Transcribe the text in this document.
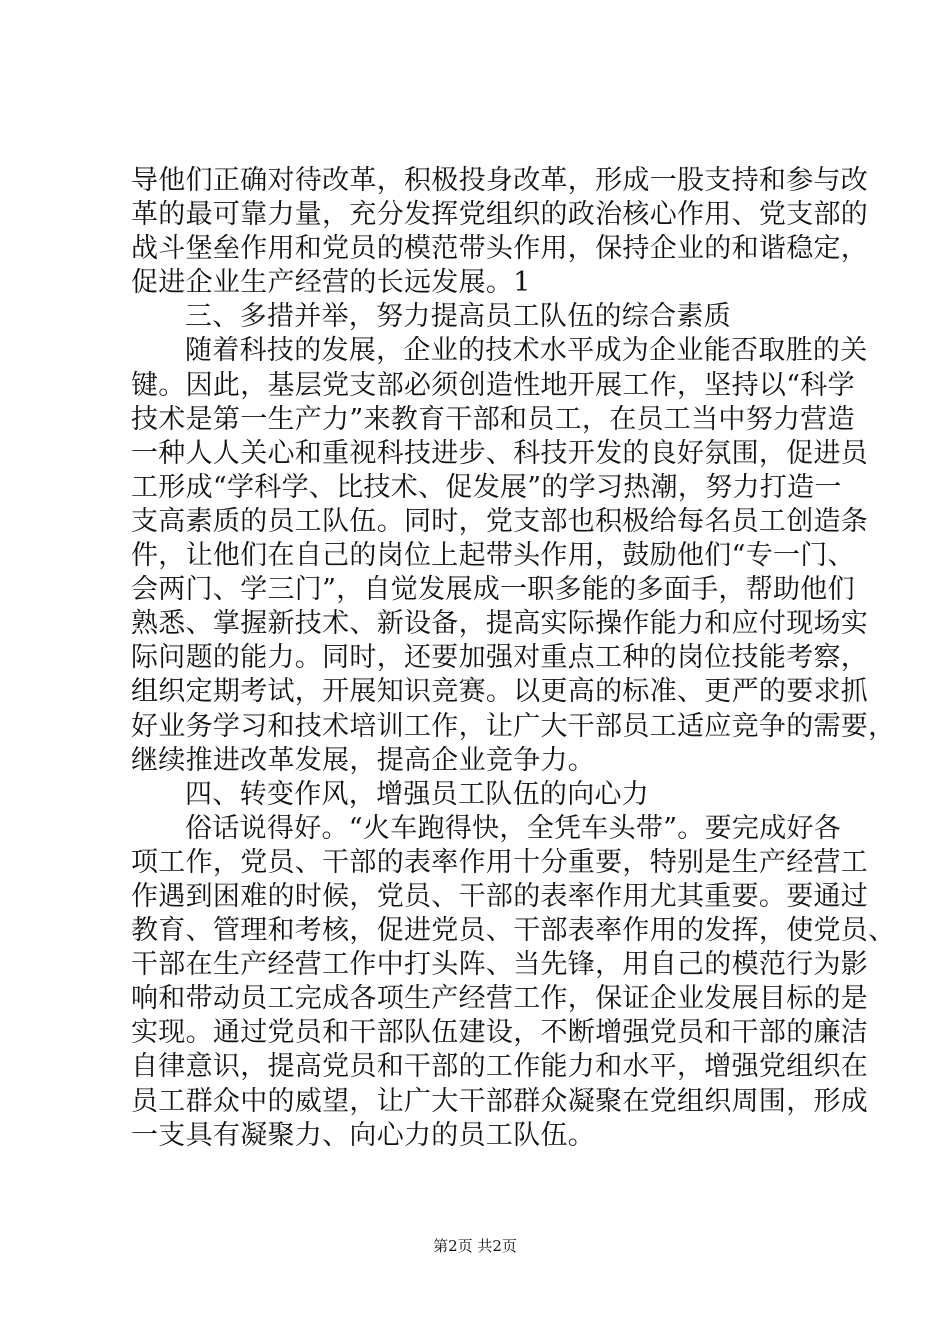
导他们正确对待改革，积极投身改革，形成一股支持和参与改
革的最可靠力量，充分发挥党组织的政治核心作用、党支部的
战斗堡垒作用和党员的模范带头作用，保持企业的和谐稳定，
促进企业生产经营的长远发展。1
三、多措并举，努力提高员工队伍的综合素质
随着科技的发展，企业的技术水平成为企业能否取胜的关
键。因此，基层党支部必须创造性地开展工作，坚持以“科学
技术是第一生产力”来教育干部和员工，在员工当中努力营造
一种人人关心和重视科技进步、科技开发的良好氛围，促进员
工形成“学科学、比技术、促发展”的学习热潮，努力打造一
支高素质的员工队伍。同时，党支部也积极给每名员工创造条
件，让他们在自己的岗位上起带头作用，鼓励他们“专一门、
会两门、学三门”，自觉发展成一职多能的多面手，帮助他们
熟悉、掌握新技术、新设备，提高实际操作能力和应付现场实
际问题的能力。同时，还要加强对重点工种的岗位技能考察，
组织定期考试，开展知识竞赛。以更高的标准、更严的要求抓
好业务学习和技术培训工作，让广大干部员工适应竞争的需要，
继续推进改革发展，提高企业竞争力。
四、转变作风，增强员工队伍的向心力
俗话说得好。“火车跑得快，全凭车头带”。要完成好各
项工作，党员、干部的表率作用十分重要，特别是生产经营工
作遇到困难的时候，党员、干部的表率作用尤其重要。要通过
教育、管理和考核，促进党员、干部表率作用的发挥，使党员、
干部在生产经营工作中打头阵、当先锋，用自己的模范行为影
响和带动员工完成各项生产经营工作，保证企业发展目标的是
实现。通过党员和干部队伍建设，不断增强党员和干部的廉洁
自律意识，提高党员和干部的工作能力和水平，增强党组织在
员工群众中的威望，让广大干部群众凝聚在党组织周围，形成
一支具有凝聚力、向心力的员工队伍。
第2页 共2页
